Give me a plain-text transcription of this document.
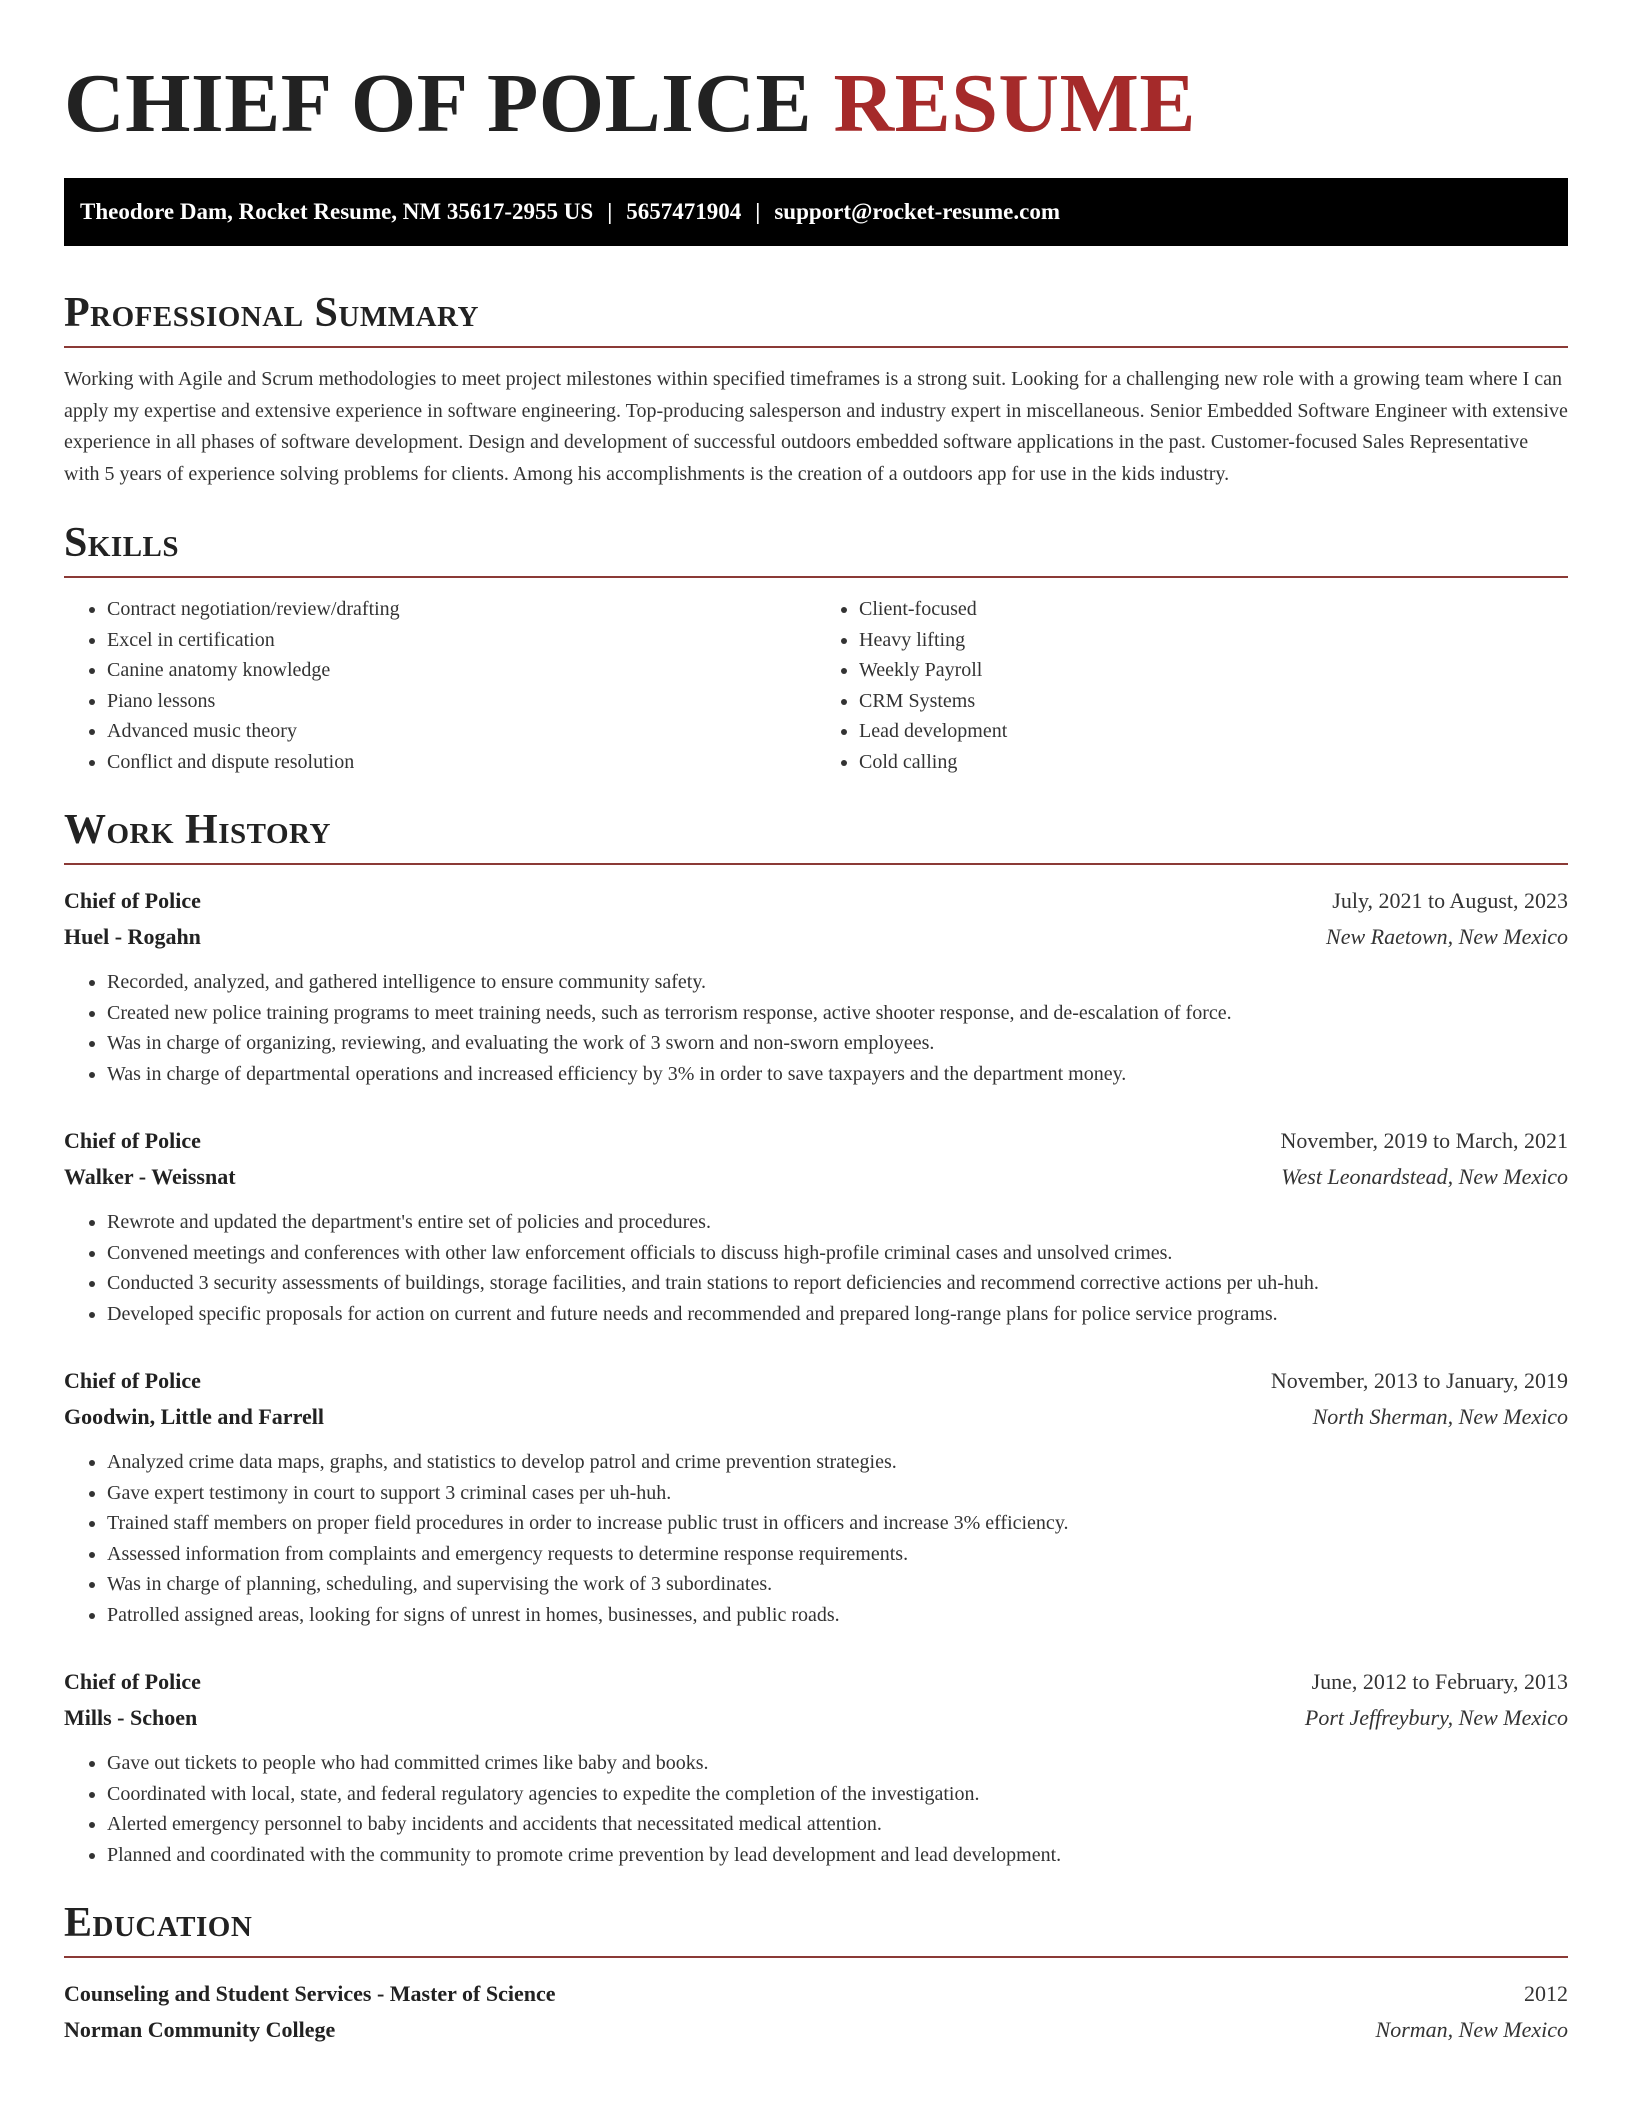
CHIEF OF POLICE RESUME
Theodore Dam, Rocket Resume, NM 35617-2955 US | 5657471904 | support@rocket-resume.com
Professional Summary
Working with Agile and Scrum methodologies to meet project milestones within specified timeframes is a strong suit. Looking for a challenging new role with a growing team where I can apply my expertise and extensive experience in software engineering. Top-producing salesperson and industry expert in miscellaneous. Senior Embedded Software Engineer with extensive experience in all phases of software development. Design and development of successful outdoors embedded software applications in the past. Customer-focused Sales Representative with 5 years of experience solving problems for clients. Among his accomplishments is the creation of a outdoors app for use in the kids industry.
Skills
• Contract negotiation/review/drafting
• Excel in certification
• Canine anatomy knowledge
• Piano lessons
• Advanced music theory
• Conflict and dispute resolution
• Client-focused
• Heavy lifting
• Weekly Payroll
• CRM Systems
• Lead development
• Cold calling
Work History
Chief of Police	July, 2021 to August, 2023
Huel - Rogahn	New Raetown, New Mexico
• Recorded, analyzed, and gathered intelligence to ensure community safety.
• Created new police training programs to meet training needs, such as terrorism response, active shooter response, and de-escalation of force.
• Was in charge of organizing, reviewing, and evaluating the work of 3 sworn and non-sworn employees.
• Was in charge of departmental operations and increased efficiency by 3% in order to save taxpayers and the department money.
Chief of Police	November, 2019 to March, 2021
Walker - Weissnat	West Leonardstead, New Mexico
• Rewrote and updated the department's entire set of policies and procedures.
• Convened meetings and conferences with other law enforcement officials to discuss high-profile criminal cases and unsolved crimes.
• Conducted 3 security assessments of buildings, storage facilities, and train stations to report deficiencies and recommend corrective actions per uh-huh.
• Developed specific proposals for action on current and future needs and recommended and prepared long-range plans for police service programs.
Chief of Police	November, 2013 to January, 2019
Goodwin, Little and Farrell	North Sherman, New Mexico
• Analyzed crime data maps, graphs, and statistics to develop patrol and crime prevention strategies.
• Gave expert testimony in court to support 3 criminal cases per uh-huh.
• Trained staff members on proper field procedures in order to increase public trust in officers and increase 3% efficiency.
• Assessed information from complaints and emergency requests to determine response requirements.
• Was in charge of planning, scheduling, and supervising the work of 3 subordinates.
• Patrolled assigned areas, looking for signs of unrest in homes, businesses, and public roads.
Chief of Police	June, 2012 to February, 2013
Mills - Schoen	Port Jeffreybury, New Mexico
• Gave out tickets to people who had committed crimes like baby and books.
• Coordinated with local, state, and federal regulatory agencies to expedite the completion of the investigation.
• Alerted emergency personnel to baby incidents and accidents that necessitated medical attention.
• Planned and coordinated with the community to promote crime prevention by lead development and lead development.
Education
Counseling and Student Services - Master of Science	2012
Norman Community College	Norman, New Mexico
